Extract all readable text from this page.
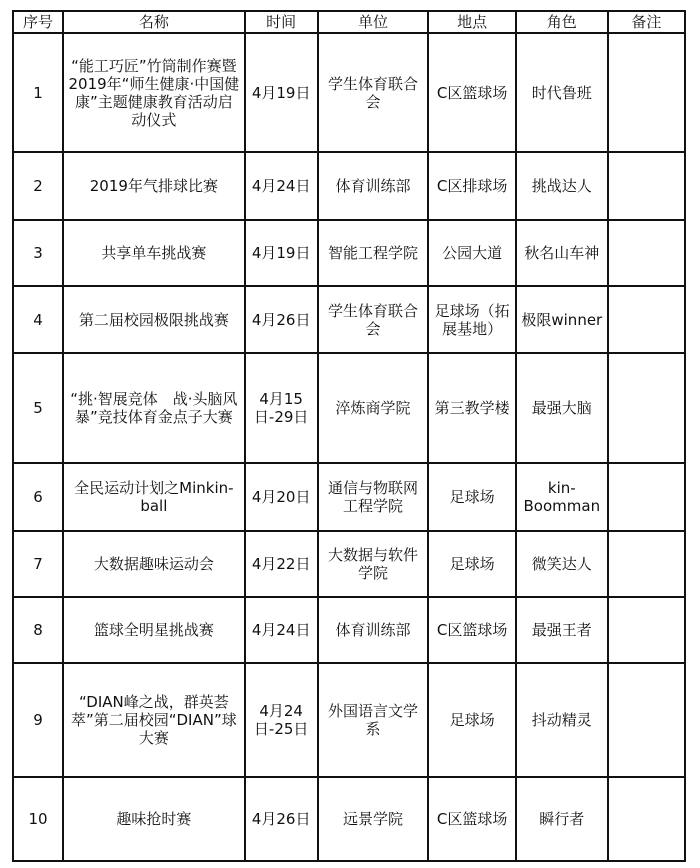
序号	名称	时间	单位	地点	角色	备注
1	“能工巧匠”竹筒制作赛暨2019年“师生健康·中国健康”主题健康教育活动启动仪式	4月19日	学生体育联合会	C区篮球场	时代鲁班	
2	2019年气排球比赛	4月24日	体育训练部	C区排球场	挑战达人	
3	共享单车挑战赛	4月19日	智能工程学院	公园大道	秋名山车神	
4	第二届校园极限挑战赛	4月26日	学生体育联合会	足球场（拓展基地）	极限winner	
5	“挑·智展竞体　战·头脑风暴”竞技体育金点子大赛	4月15日-29日	淬炼商学院	第三教学楼	最强大脑	
6	全民运动计划之Minkin-ball	4月20日	通信与物联网工程学院	足球场	kin-Boomman	
7	大数据趣味运动会	4月22日	大数据与软件学院	足球场	微笑达人	
8	篮球全明星挑战赛	4月24日	体育训练部	C区篮球场	最强王者	
9	“DIAN峰之战，群英荟萃”第二届校园“DIAN”球大赛	4月24日-25日	外国语言文学系	足球场	抖动精灵	
10	趣味抢时赛	4月26日	远景学院	C区篮球场	瞬行者	
